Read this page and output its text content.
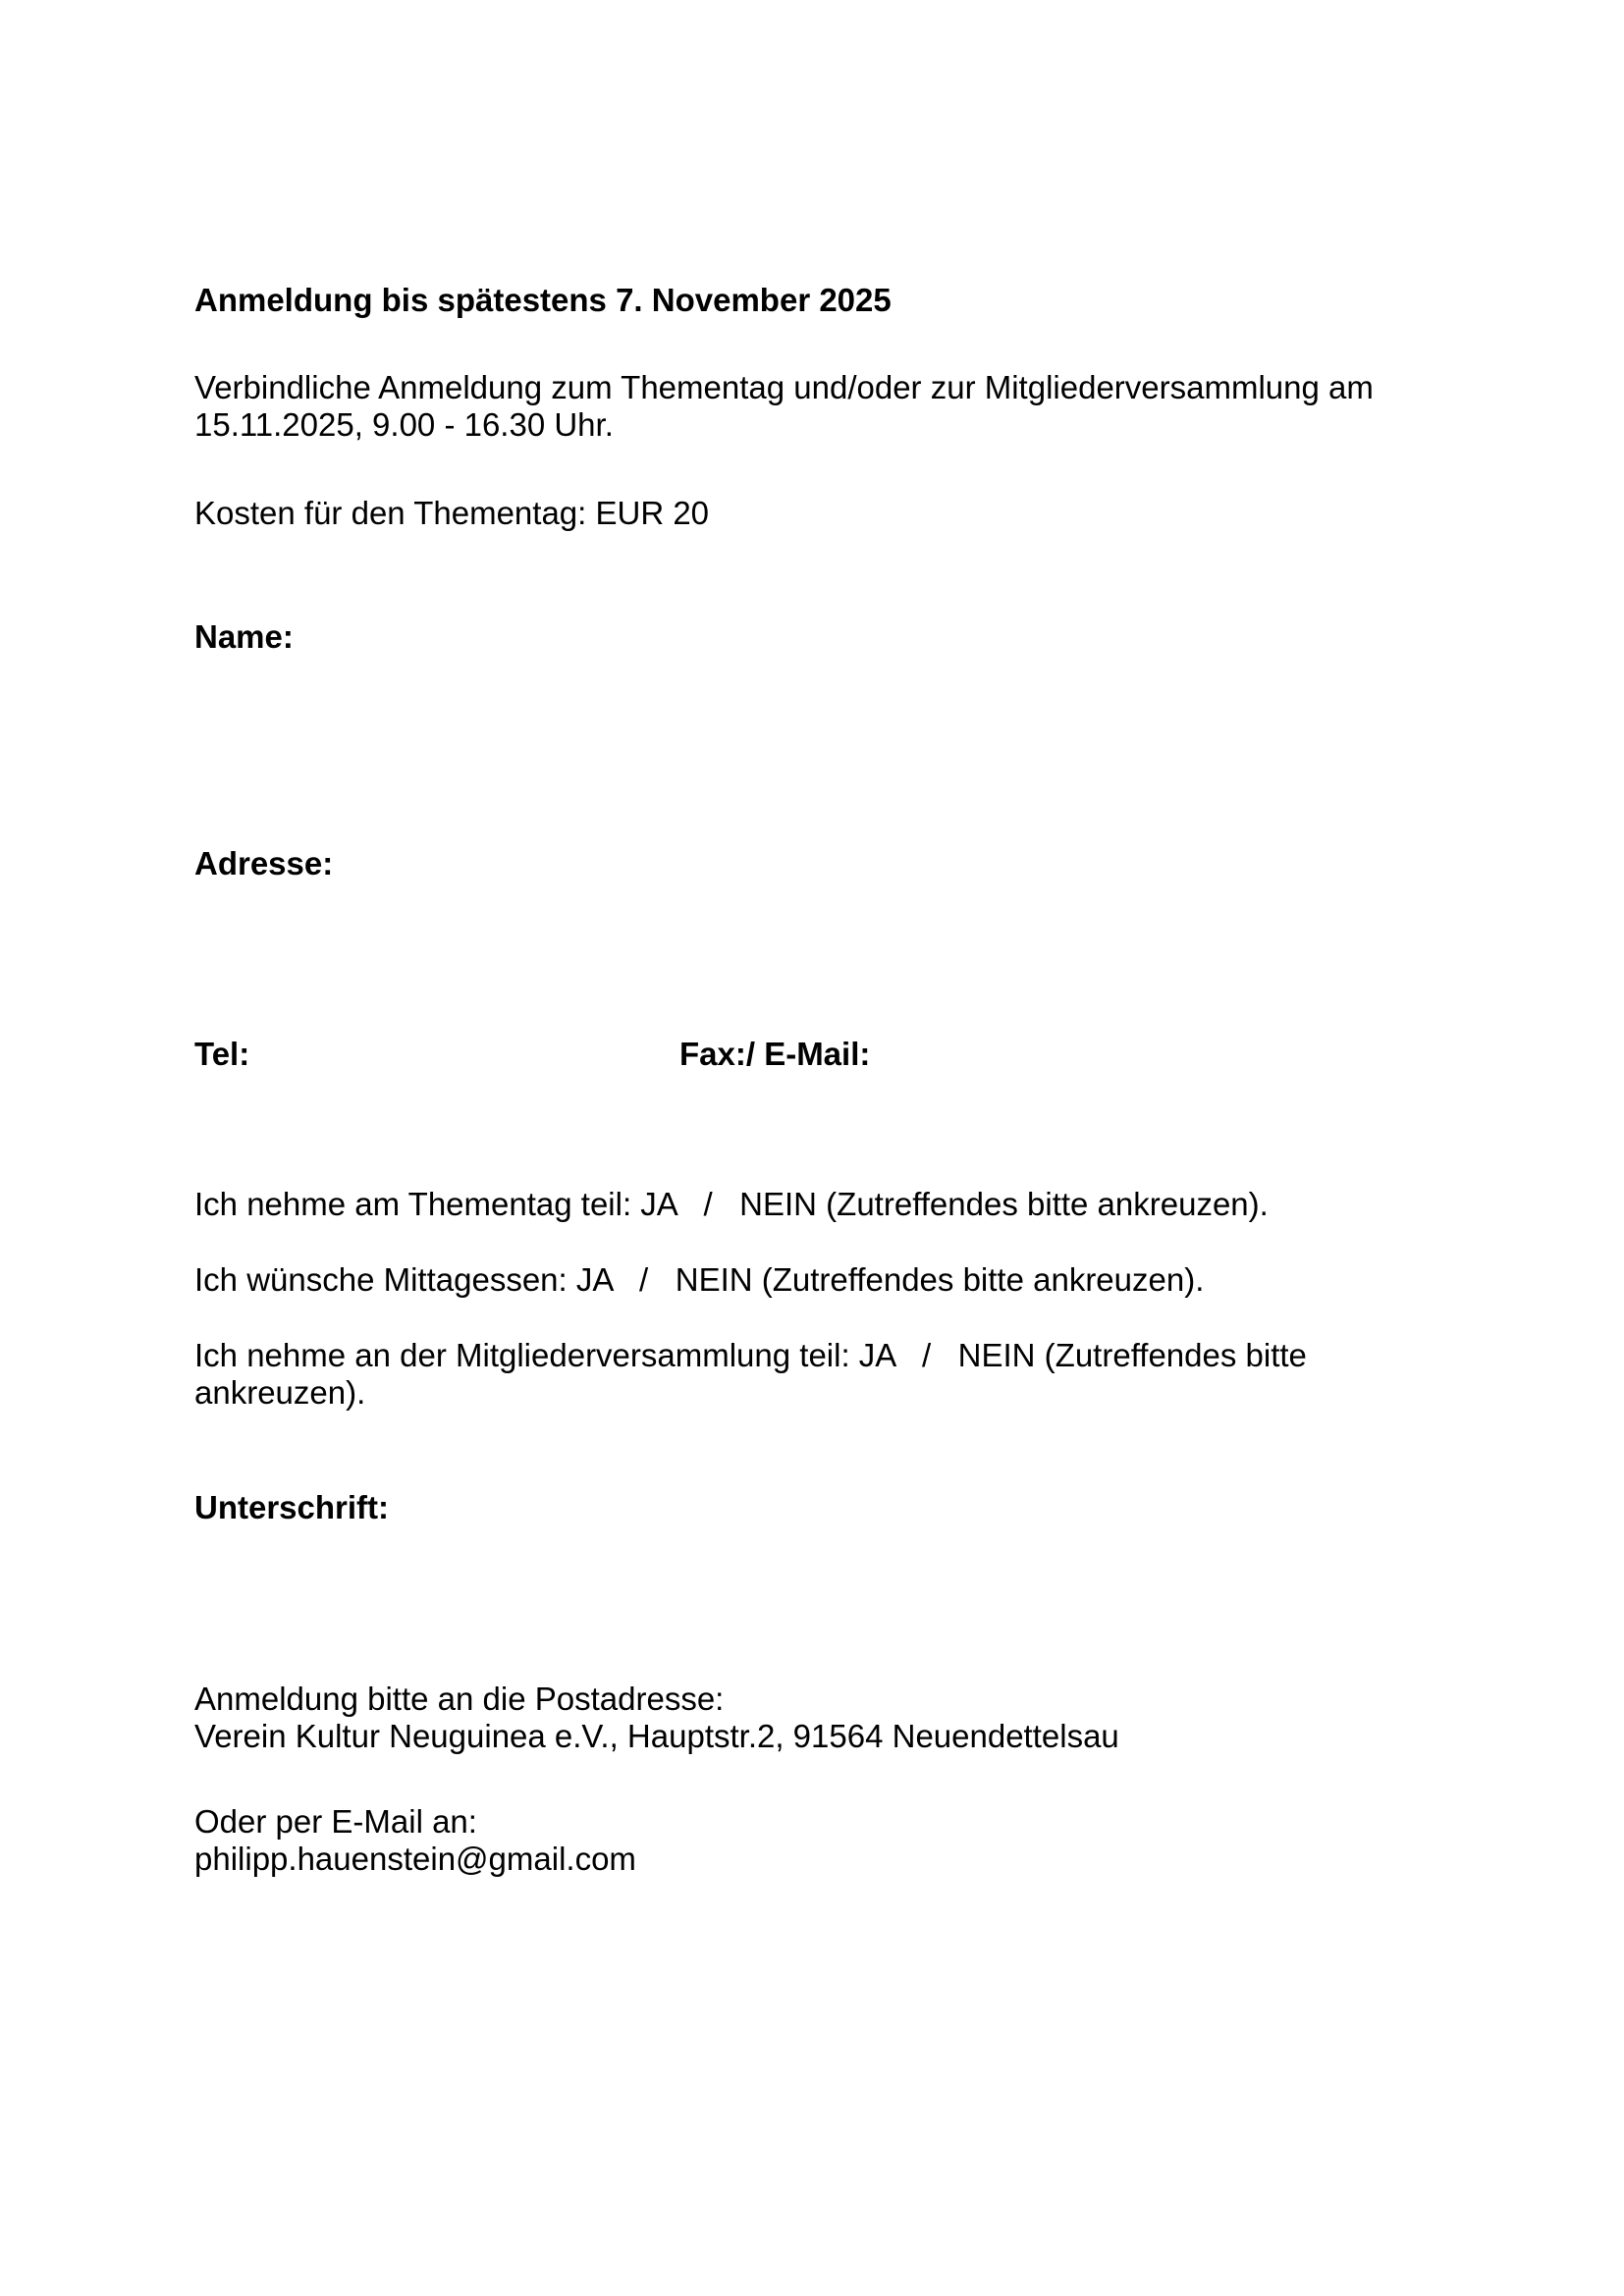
Anmeldung bis spätestens 7. November 2025
Verbindliche Anmeldung zum Thementag und/oder zur Mitgliederversammlung am
15.11.2025, 9.00 - 16.30 Uhr.
Kosten für den Thementag: EUR 20
Name:
Adresse:
Tel:	Fax:/ E-Mail:
Ich nehme am Thementag teil: JA   /   NEIN (Zutreffendes bitte ankreuzen).
Ich wünsche Mittagessen: JA   /   NEIN (Zutreffendes bitte ankreuzen).
Ich nehme an der Mitgliederversammlung teil: JA   /   NEIN (Zutreffendes bitte
ankreuzen).
Unterschrift:
Anmeldung bitte an die Postadresse:
Verein Kultur Neuguinea e.V., Hauptstr.2, 91564 Neuendettelsau
Oder per E-Mail an:
philipp.hauenstein@gmail.com
